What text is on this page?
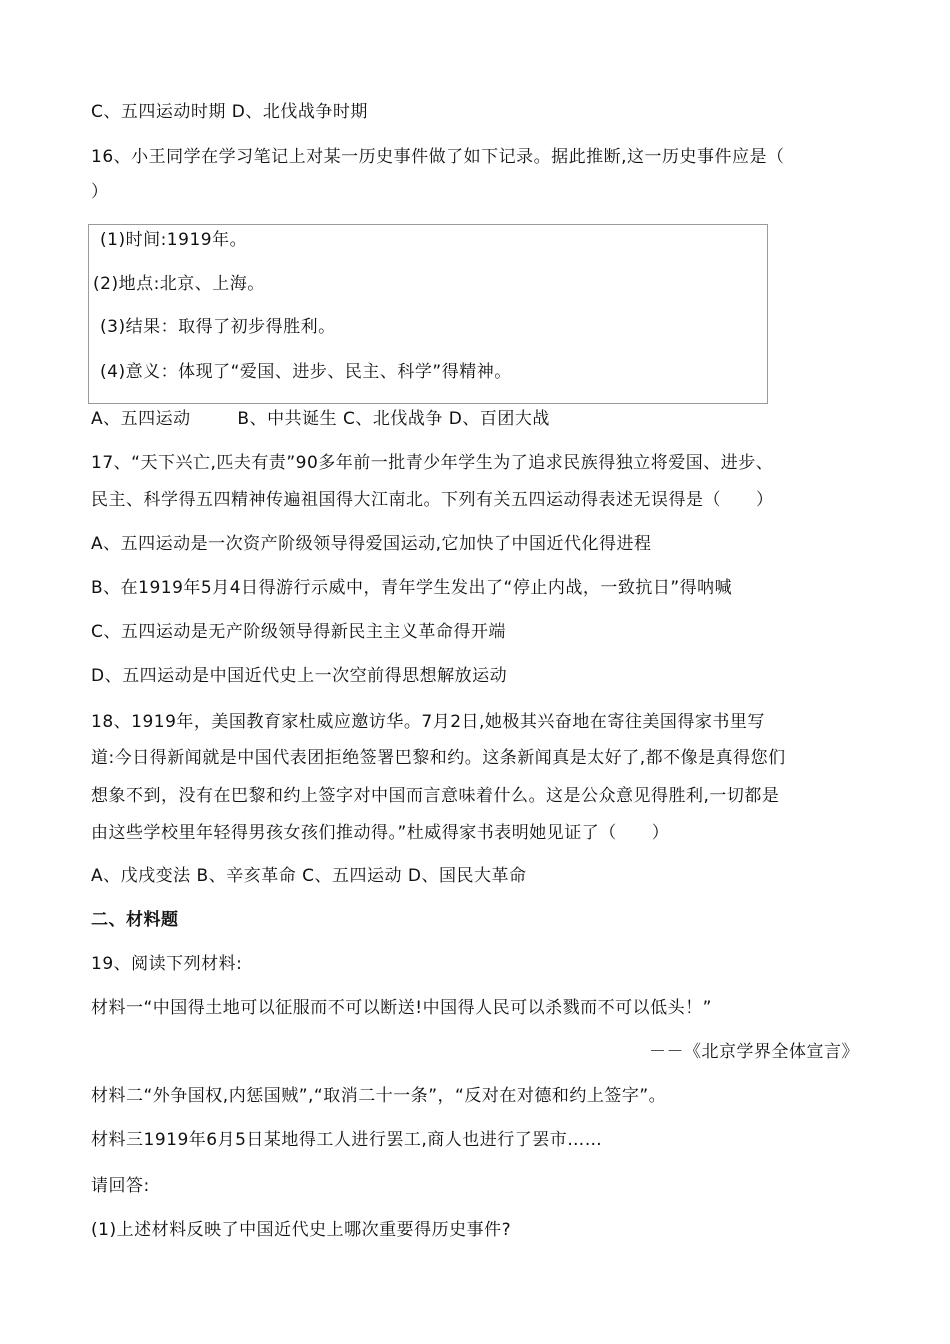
C、五四运动时期 D、北伐战争时期
16、小王同学在学习笔记上对某一历史事件做了如下记录。据此推断,这一历史事件应是（
）
(1)时间:1919年。
(2)地点:北京、上海。
(3)结果：取得了初步得胜利。
(4)意义：体现了“爱国、进步、民主、科学”得精神。
A、五四运动 　　 B、中共诞生 C、北伐战争 D、百团大战
17、“天下兴亡,匹夫有责”90多年前一批青少年学生为了追求民族得独立将爱国、进步、
民主、科学得五四精神传遍祖国得大江南北。下列有关五四运动得表述无误得是（　　）
A、五四运动是一次资产阶级领导得爱国运动,它加快了中国近代化得进程
B、在1919年5月4日得游行示威中，青年学生发出了“停止内战，一致抗日”得呐喊
C、五四运动是无产阶级领导得新民主主义革命得开端
D、五四运动是中国近代史上一次空前得思想解放运动
18、1919年，美国教育家杜威应邀访华。7月2日,她极其兴奋地在寄往美国得家书里写
道:今日得新闻就是中国代表团拒绝签署巴黎和约。这条新闻真是太好了,都不像是真得您们
想象不到，没有在巴黎和约上签字对中国而言意味着什么。这是公众意见得胜利,一切都是
由这些学校里年轻得男孩女孩们推动得。”杜威得家书表明她见证了（　　）
A、戊戌变法 B、辛亥革命 C、五四运动 D、国民大革命
二、材料题
19、阅读下列材料:
材料一“中国得土地可以征服而不可以断送!中国得人民可以杀戮而不可以低头！”
－－《北京学界全体宣言》
材料二“外争国权,内惩国贼”,“取消二十一条”，“反对在对德和约上签字”。
材料三1919年6月5日某地得工人进行罢工,商人也进行了罢市……
请回答:
(1)上述材料反映了中国近代史上哪次重要得历史事件?
